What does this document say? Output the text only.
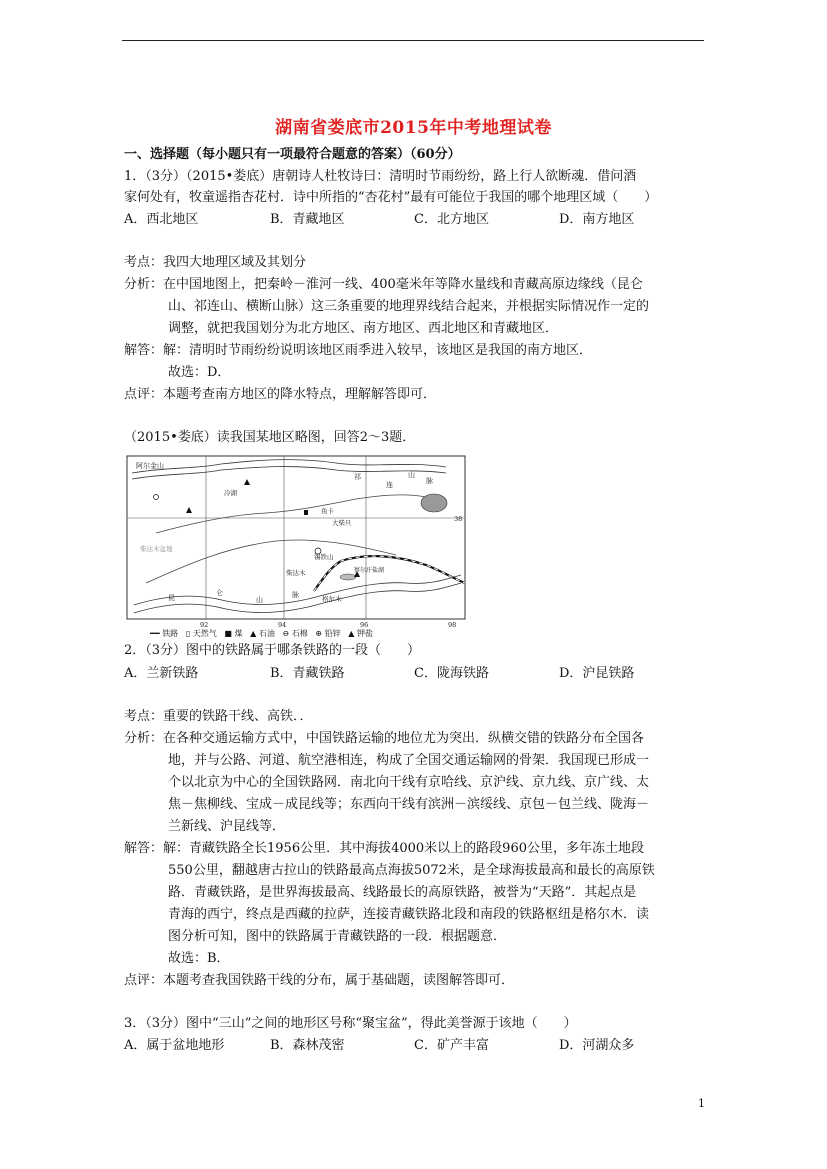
湖南省娄底市2015年中考地理试卷
一、选择题（每小题只有一项最符合题意的答案）（60分）
1．（3分）（2015•娄底）唐朝诗人杜牧诗曰：清明时节雨纷纷，路上行人欲断魂．借问酒
家何处有，牧童遥指杏花村．诗中所指的“杏花村”最有可能位于我国的哪个地理区域（　　）
A．西北地区	B．青藏地区	C．北方地区	D．南方地区
考点：我四大地理区域及其划分
分析：在中国地图上，把秦岭－淮河一线、400毫米年等降水量线和青藏高原边缘线（昆仑
山、祁连山、横断山脉）这三条重要的地理界线结合起来，并根据实际情况作一定的
调整，就把我国划分为北方地区、南方地区、西北地区和青藏地区．
解答：解：清明时节雨纷纷说明该地区雨季进入较早，该地区是我国的南方地区．
故选：D．
点评：本题考查南方地区的降水特点，理解解答即可．
（2015•娄底）读我国某地区略图，回答2～3题．
阿尔金山
祁
连
山
脉
冷湖
鱼卡
大柴旦
锡铁山
柴达木	察尔汗盐湖
格尔木
昆
仑
山
脉
柴达木盆地
92	94	96	98
38
━━ 铁路   ▯ 天然气   ■ 煤   ▲ 石油   ⊖ 石棉   ⊕ 铅锌   ▲ 钾盐
2．（3分）图中的铁路属于哪条铁路的一段（　　）
A．兰新铁路	B．青藏铁路	C．陇海铁路	D．沪昆铁路
考点：重要的铁路干线、高铁．．
分析：在各种交通运输方式中，中国铁路运输的地位尤为突出．纵横交错的铁路分布全国各
地，并与公路、河道、航空港相连，构成了全国交通运输网的骨架．我国现已形成一
个以北京为中心的全国铁路网．南北向干线有京哈线、京沪线、京九线、京广线、太
焦－焦柳线、宝成－成昆线等；东西向干线有滨洲－滨绥线、京包－包兰线、陇海－
兰新线、沪昆线等．
解答：解：青藏铁路全长1956公里．其中海拔4000米以上的路段960公里，多年冻土地段
550公里，翻越唐古拉山的铁路最高点海拔5072米，是全球海拔最高和最长的高原铁
路．青藏铁路，是世界海拔最高、线路最长的高原铁路，被誉为“天路”．其起点是
青海的西宁，终点是西藏的拉萨，连接青藏铁路北段和南段的铁路枢纽是格尔木．读
图分析可知，图中的铁路属于青藏铁路的一段．根据题意．
故选：B．
点评：本题考查我国铁路干线的分布，属于基础题，读图解答即可．
3．（3分）图中“三山”之间的地形区号称“聚宝盆”，得此美誉源于该地（　　）
A．属于盆地地形	B．森林茂密	C．矿产丰富	D．河湖众多
1
